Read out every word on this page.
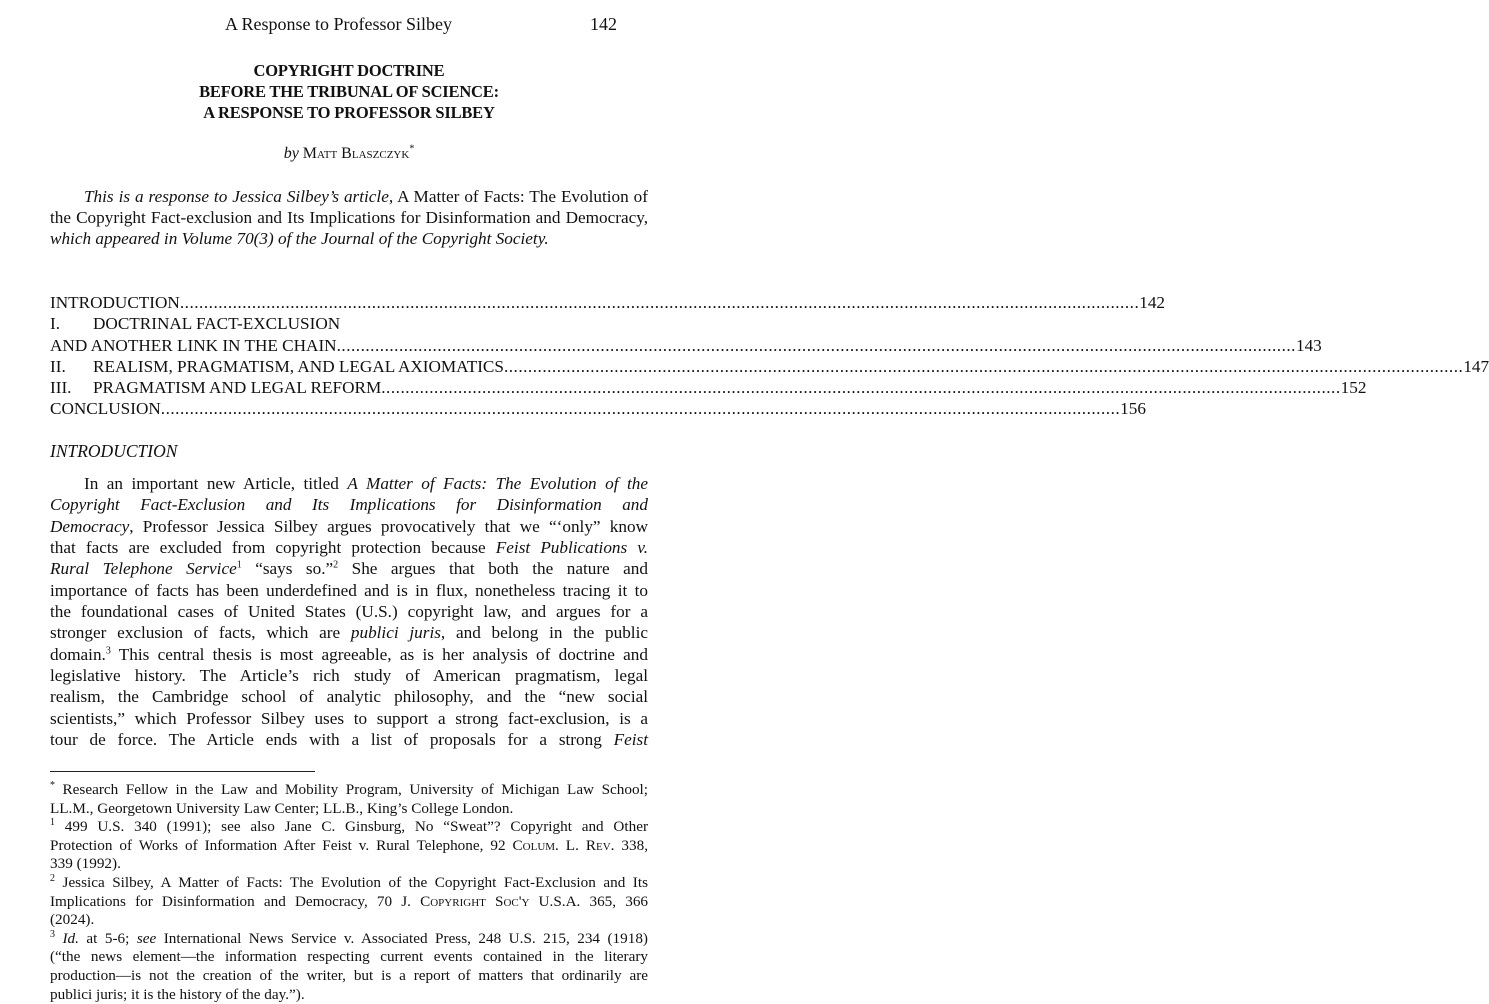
A Response to Professor Silbey	142
COPYRIGHT DOCTRINE
BEFORE THE TRIBUNAL OF SCIENCE:
A RESPONSE TO PROFESSOR SILBEY
by Matt Blaszczyk*
This is a response to Jessica Silbey’s article, A Matter of Facts: The Evolution of the Copyright Fact-exclusion and Its Implications for Disinformation and Democracy, which appeared in Volume 70(3) of the Journal of the Copyright Society.
INTRODUCTION ........................................................................................................................................................................................................ 142
I. DOCTRINAL FACT-EXCLUSION
AND ANOTHER LINK IN THE CHAIN ........................................................................................................................................................................................................ 143
II. REALISM, PRAGMATISM, AND LEGAL AXIOMATICS ........................................................................................................................................................................................................ 147
III. PRAGMATISM AND LEGAL REFORM ........................................................................................................................................................................................................ 152
CONCLUSION ........................................................................................................................................................................................................ 156
INTRODUCTION
In an important new Article, titled A Matter of Facts: The Evolution of the
Copyright Fact-Exclusion and Its Implications for Disinformation and
Democracy, Professor Jessica Silbey argues provocatively that we “‘only” know
that facts are excluded from copyright protection because Feist Publications v.
Rural Telephone Service$^1$ “says so.”$^2$ She argues that both the nature and
importance of facts has been underdefined and is in flux, nonetheless tracing it to
the foundational cases of United States (U.S.) copyright law, and argues for a
stronger exclusion of facts, which are publici juris, and belong in the public
domain.$^3$ This central thesis is most agreeable, as is her analysis of doctrine and
legislative history. The Article’s rich study of American pragmatism, legal
realism, the Cambridge school of analytic philosophy, and the “new social
scientists,” which Professor Silbey uses to support a strong fact-exclusion, is a
tour de force. The Article ends with a list of proposals for a strong Feist
* Research Fellow in the Law and Mobility Program, University of Michigan Law School;
LL.M., Georgetown University Law Center; LL.B., King’s College London.
$^1$ 499 U.S. 340 (1991); see also Jane C. Ginsburg, No “Sweat”? Copyright and Other
Protection of Works of Information After Feist v. Rural Telephone, 92 Colum. L. Rev. 338,
339 (1992).
$^2$ Jessica Silbey, A Matter of Facts: The Evolution of the Copyright Fact-Exclusion and Its
Implications for Disinformation and Democracy, 70 J. Copyright Soc'y U.S.A. 365, 366
(2024).
$^3$ Id. at 5-6; see International News Service v. Associated Press, 248 U.S. 215, 234 (1918)
(“the news element—the information respecting current events contained in the literary
production—is not the creation of the writer, but is a report of matters that ordinarily are
publici juris; it is the history of the day.”).
